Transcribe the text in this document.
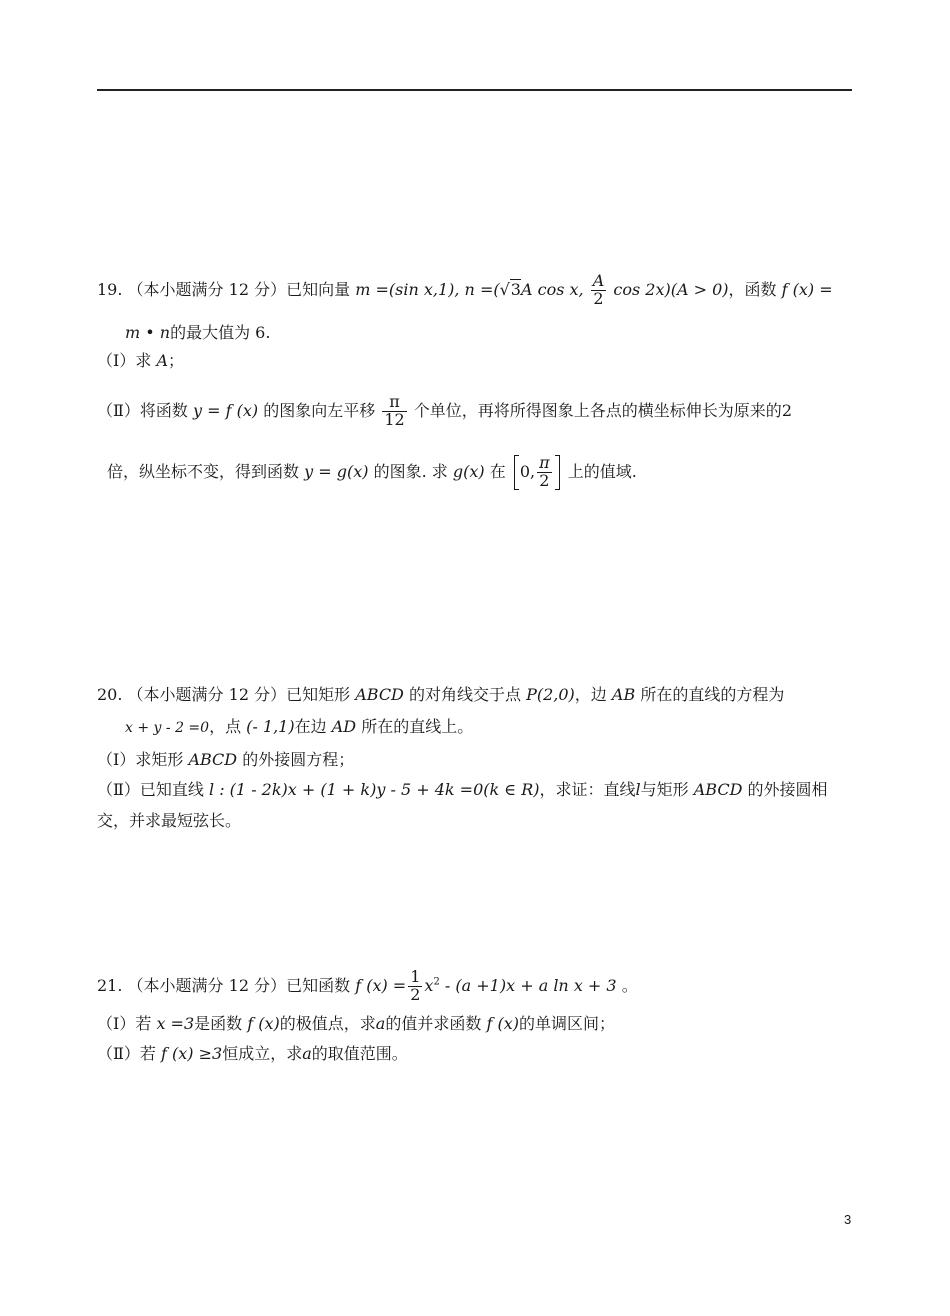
19. （本小题满分 12 分）已知向量 m =(sin x,1), n =(√3A cos x, $\frac{A}{2}$ cos 2x)(A > 0)，函数 f (x) =
m • n的最大值为 6.
（Ⅰ）求 A；
（Ⅱ）将函数 y = f (x) 的图象向左平移 $\frac{\pi}{12}$ 个单位，再将所得图象上各点的横坐标伸长为原来的2
倍，纵坐标不变，得到函数 y = g(x) 的图象. 求 g(x) 在 0, $\frac{\pi}{2}$ 上的值域.
20. （本小题满分 12 分）已知矩形 ABCD 的对角线交于点 P(2,0)，边 AB 所在的直线的方程为
x + y - 2 =0，点 (- 1,1)在边 AD 所在的直线上。
（Ⅰ）求矩形 ABCD 的外接圆方程；
（Ⅱ）已知直线 l : (1 - 2k)x + (1 + k)y - 5 + 4k =0(k ∈ R)，求证：直线l与矩形 ABCD 的外接圆相
交，并求最短弦长。
21. （本小题满分 12 分）已知函数 f $(x) = \frac{1}{2} x^2 - (a +1)x + a$ ln x + 3 。
（Ⅰ）若 x =3是函数 f (x)的极值点，求a的值并求函数 f (x)的单调区间；
（Ⅱ）若 f (x) ≥3恒成立，求a的取值范围。
3
